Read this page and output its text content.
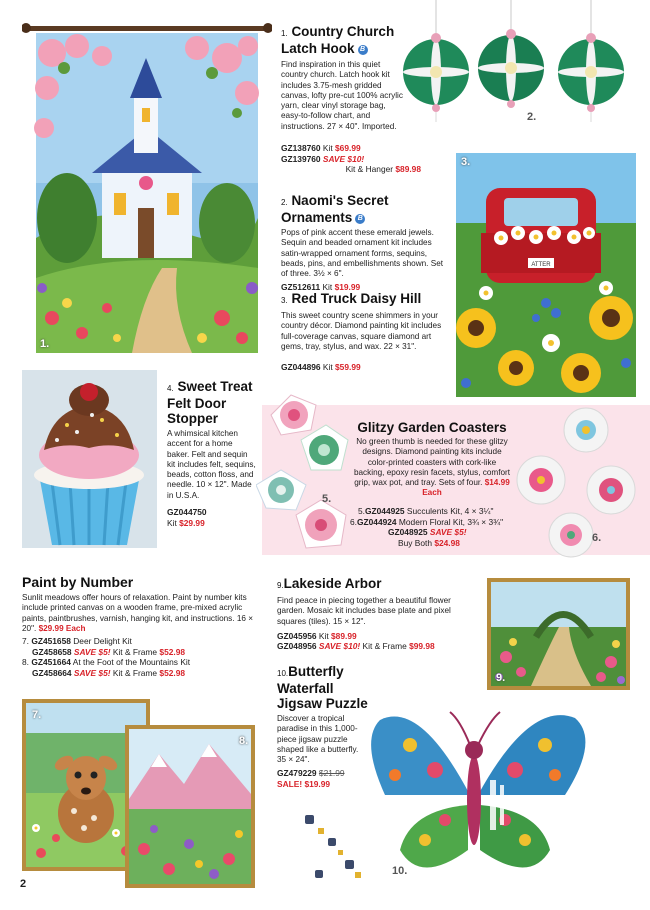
1.
1. Country Church
Latch Hook B
Find inspiration in this quiet country church. Latch hook kit includes 3.75-mesh gridded canvas, lofty pre-cut 100% acrylic yarn, clear vinyl storage bag, easy-to-follow chart, and instructions. 27 × 40". Imported.
GZ138760 Kit $69.99
GZ139760 SAVE $10!
Kit & Hanger $89.98
2.
2. Naomi's Secret Ornaments B
Pops of pink accent these emerald jewels. Sequin and beaded ornament kit includes satin-wrapped ornament forms, sequins, beads, pins, and embellishments shown. Set of three. 3½ × 6".
GZ512611 Kit $19.99
ATTER
3.
3. Red Truck Daisy Hill
This sweet country scene shimmers in your country décor. Diamond painting kit includes full-coverage canvas, square diamond art gems, tray, stylus, and wax. 22 × 31".
GZ044896 Kit $59.99
4. Sweet Treat
Felt Door
Stopper
A whimsical kitchen accent for a home baker. Felt and sequin kit includes felt, sequins, beads, cotton floss, and needle. 10 × 12". Made in U.S.A.
GZ044750
Kit $29.99
5.
6.
Glitzy Garden Coasters
No green thumb is needed for these glitzy designs. Diamond painting kits include color-printed coasters with cork-like backing, epoxy resin facets, stylus, comfort grip, wax pot, and tray. Sets of four. $14.99 Each
5.GZ044925 Succulents Kit, 4 × 3¼"
6.GZ044924 Modern Floral Kit, 3¾ × 3¾"
GZ048925 SAVE $5!
Buy Both $24.98
Paint by Number
Sunlit meadows offer hours of relaxation. Paint by number kits include printed canvas on a wooden frame, pre-mixed acrylic paints, paintbrushes, varnish, hanging kit, and instructions. 16 × 20". $29.99 Each
7. GZ451658 Deer Delight Kit
GZ458658 SAVE $5! Kit & Frame $52.98
8. GZ451664 At the Foot of the Mountains Kit
GZ458664 SAVE $5! Kit & Frame $52.98
7.
8.
9.Lakeside Arbor
Find peace in piecing together a beautiful flower garden. Mosaic kit includes base plate and pixel squares (tiles). 15 × 12".
GZ045956 Kit $89.99
GZ048956 SAVE $10! Kit & Frame $99.98
9.
10.Butterfly Waterfall
Jigsaw Puzzle
Discover a tropical paradise in this 1,000-piece jigsaw puzzle shaped like a butterfly. 35 × 24".
GZ479229 $21.99
SALE! $19.99
10.
2
